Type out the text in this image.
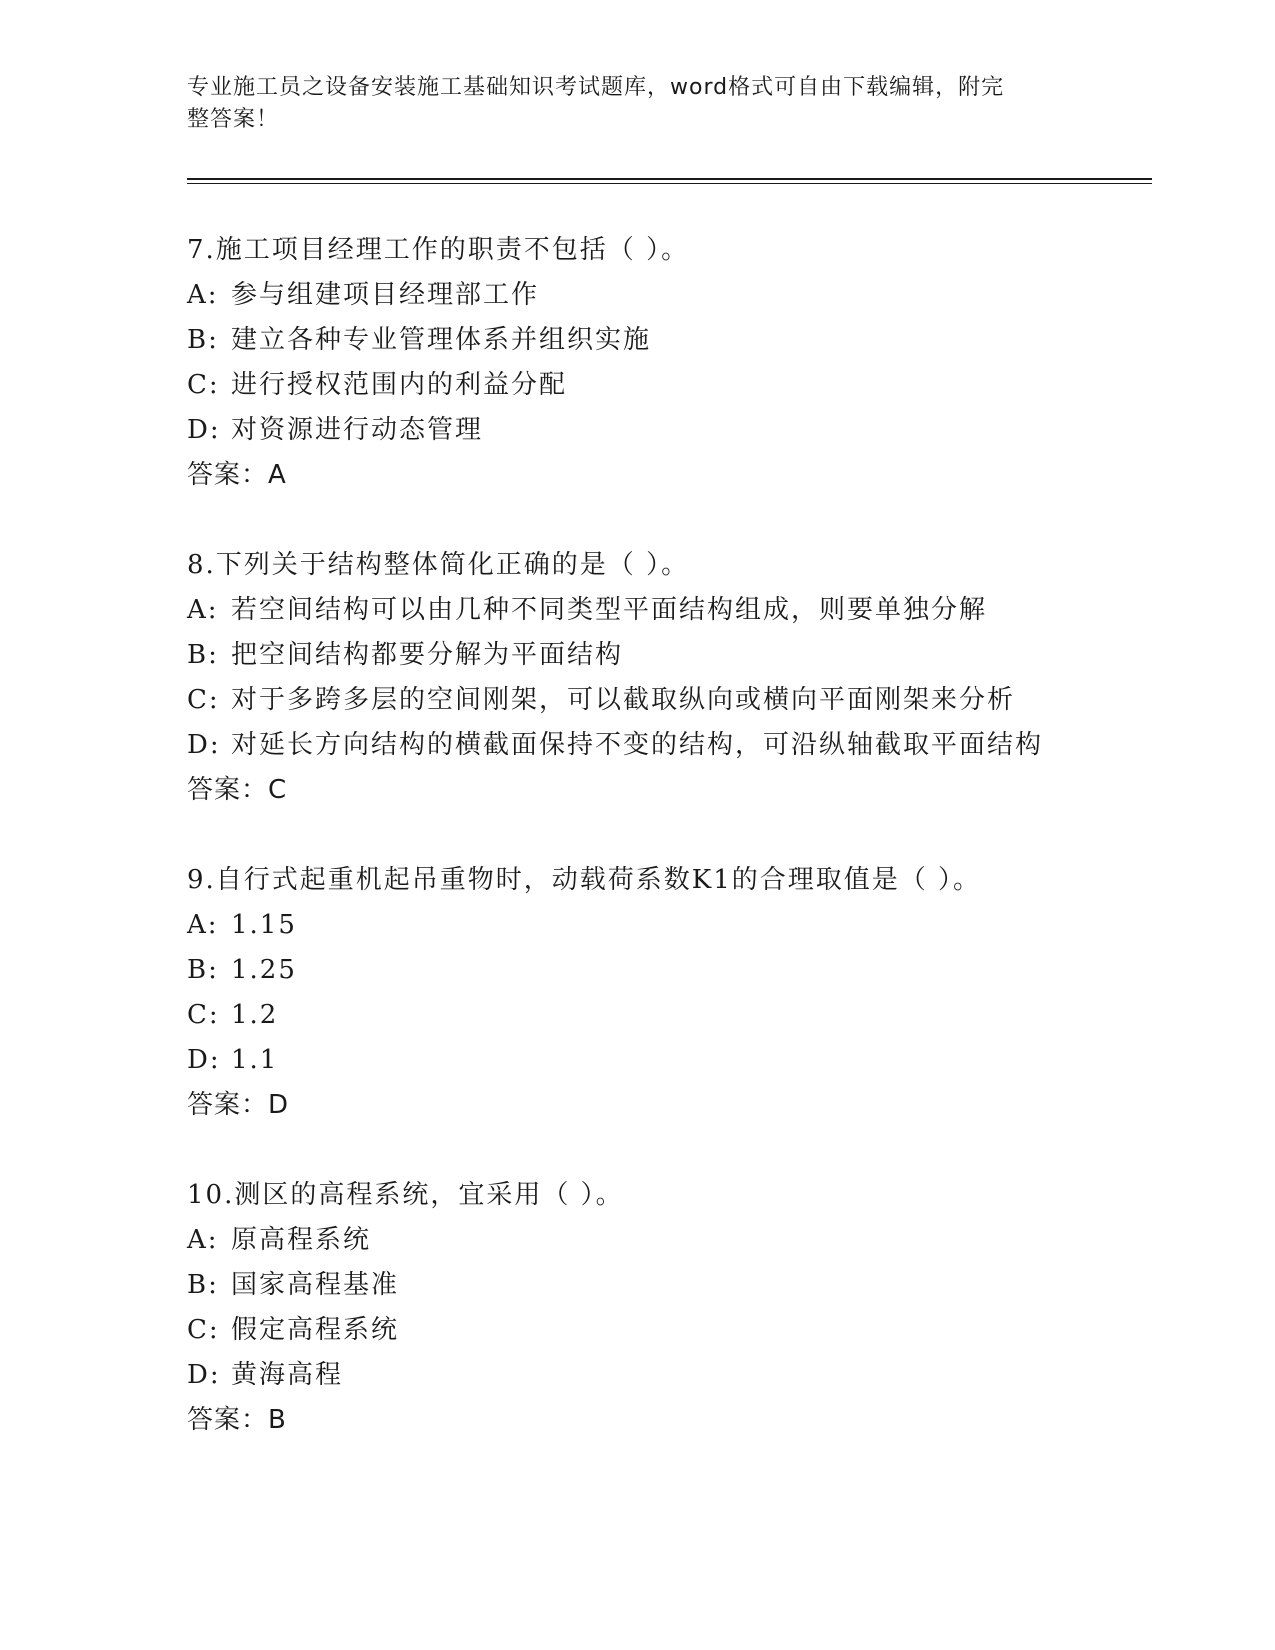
专业施工员之设备安装施工基础知识考试题库，word格式可自由下载编辑，附完
整答案！
7.施工项目经理工作的职责不包括（ ）。
A: 参与组建项目经理部工作
B: 建立各种专业管理体系并组织实施
C: 进行授权范围内的利益分配
D: 对资源进行动态管理
答案：A
8.下列关于结构整体简化正确的是（ ）。
A: 若空间结构可以由几种不同类型平面结构组成，则要单独分解
B: 把空间结构都要分解为平面结构
C: 对于多跨多层的空间刚架，可以截取纵向或横向平面刚架来分析
D: 对延长方向结构的横截面保持不变的结构，可沿纵轴截取平面结构
答案：C
9.自行式起重机起吊重物时，动载荷系数K1的合理取值是（ ）。
A: 1.15
B: 1.25
C: 1.2
D: 1.1
答案：D
10.测区的高程系统，宜采用（ ）。
A: 原高程系统
B: 国家高程基准
C: 假定高程系统
D: 黄海高程
答案：B
